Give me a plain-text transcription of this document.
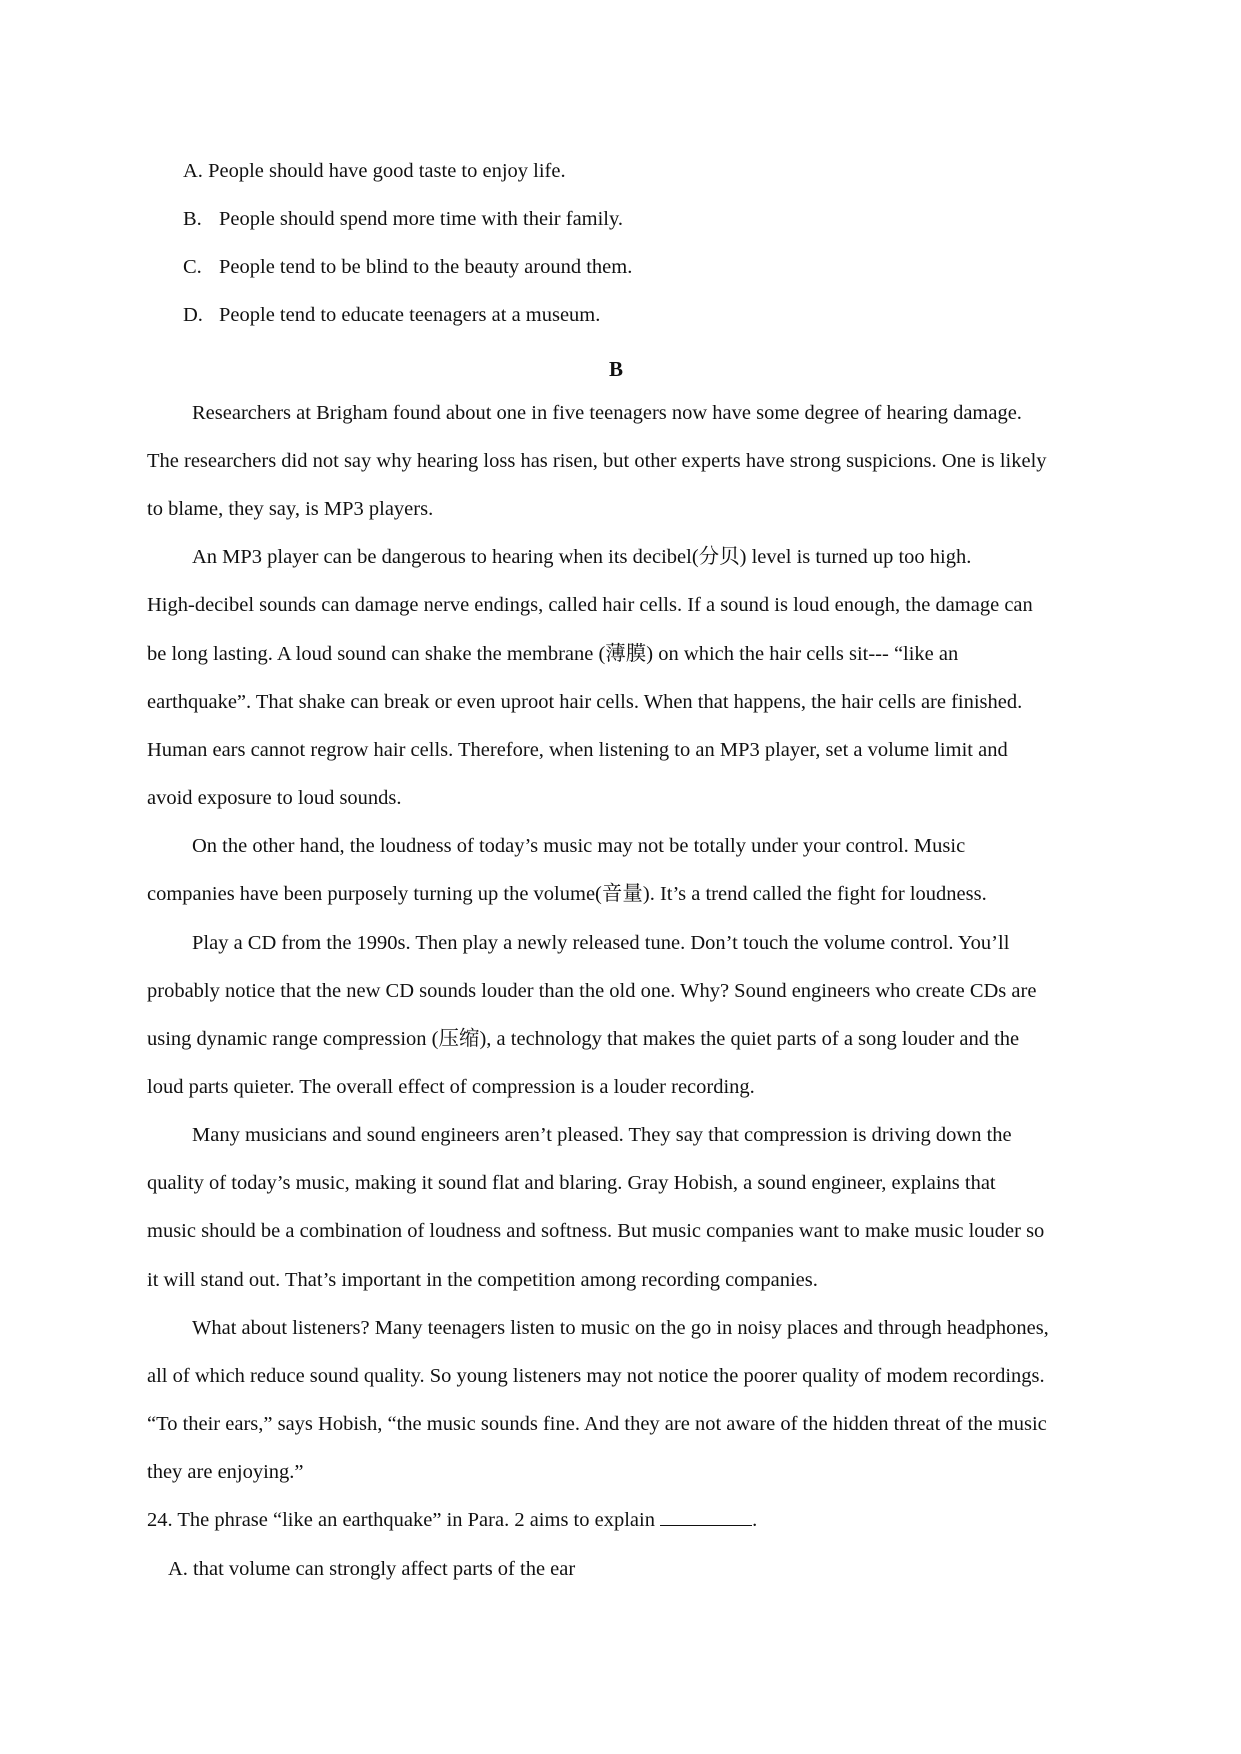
A. People should have good taste to enjoy life.
B. People should spend more time with their family.
C. People tend to be blind to the beauty around them.
D. People tend to educate teenagers at a museum.
B
Researchers at Brigham found about one in five teenagers now have some degree of hearing damage.
The researchers did not say why hearing loss has risen, but other experts have strong suspicions. One is likely
to blame, they say, is MP3 players.
An MP3 player can be dangerous to hearing when its decibel(分贝) level is turned up too high.
High-decibel sounds can damage nerve endings, called hair cells. If a sound is loud enough, the damage can
be long lasting. A loud sound can shake the membrane (薄膜) on which the hair cells sit--- “like an
earthquake”. That shake can break or even uproot hair cells. When that happens, the hair cells are finished.
Human ears cannot regrow hair cells. Therefore, when listening to an MP3 player, set a volume limit and
avoid exposure to loud sounds.
On the other hand, the loudness of today’s music may not be totally under your control. Music
companies have been purposely turning up the volume(音量). It’s a trend called the fight for loudness.
Play a CD from the 1990s. Then play a newly released tune. Don’t touch the volume control. You’ll
probably notice that the new CD sounds louder than the old one. Why? Sound engineers who create CDs are
using dynamic range compression (压缩), a technology that makes the quiet parts of a song louder and the
loud parts quieter. The overall effect of compression is a louder recording.
Many musicians and sound engineers aren’t pleased. They say that compression is driving down the
quality of today’s music, making it sound flat and blaring. Gray Hobish, a sound engineer, explains that
music should be a combination of loudness and softness. But music companies want to make music louder so
it will stand out. That’s important in the competition among recording companies.
What about listeners? Many teenagers listen to music on the go in noisy places and through headphones,
all of which reduce sound quality. So young listeners may not notice the poorer quality of modem recordings.
“To their ears,” says Hobish, “the music sounds fine. And they are not aware of the hidden threat of the music
they are enjoying.”
24. The phrase “like an earthquake” in Para. 2 aims to explain	.
A. that volume can strongly affect parts of the ear
